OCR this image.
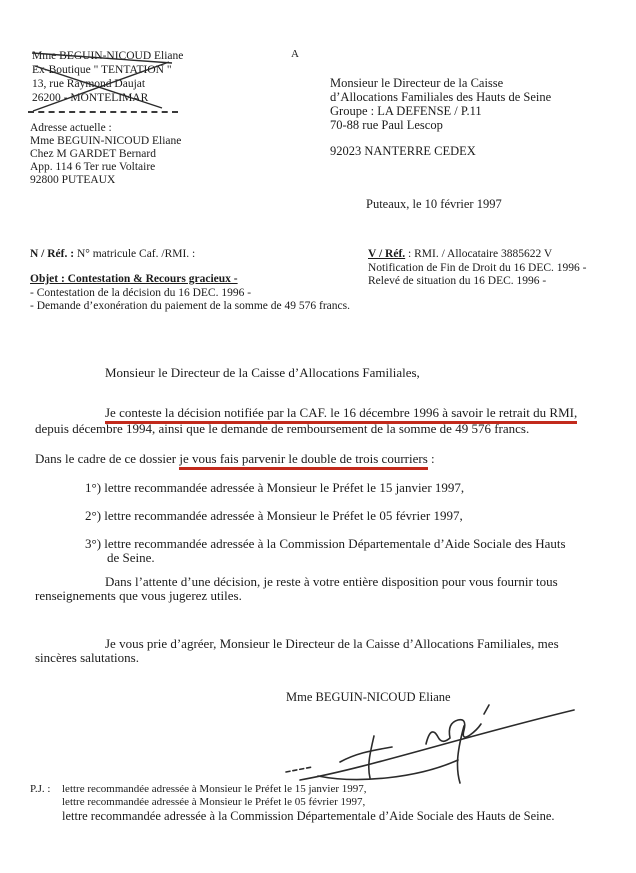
Mme BEGUIN-NICOUD Eliane
Ex-Boutique " TENTATION "
13, rue Raymond Daujat
26200 - MONTELIMAR
Adresse actuelle :
Mme BEGUIN-NICOUD Eliane
Chez M GARDET Bernard
App. 114 6 Ter rue Voltaire
92800 PUTEAUX
A
Monsieur le Directeur de la Caisse
d’Allocations Familiales des Hauts de Seine
Groupe : LA DEFENSE / P.11
70-88 rue Paul Lescop
92023 NANTERRE CEDEX
Puteaux, le 10 février 1997
N / Réf. : N° matricule Caf. /RMI. :
Objet : Contestation & Recours gracieux -
- Contestation de la décision du 16 DEC. 1996 -
- Demande d’exonération du paiement de la somme de 49 576 francs.
V / Réf. : RMI. / Allocataire 3885622 V
Notification de Fin de Droit du 16 DEC. 1996 -
Relevé de situation du 16 DEC. 1996 -
Monsieur le Directeur de la Caisse d’Allocations Familiales,
Je conteste la décision notifiée par la CAF. le 16 décembre 1996 à savoir le retrait du RMI,
depuis décembre 1994, ainsi que le demande de remboursement de la somme de 49 576 francs.
Dans le cadre de ce dossier je vous fais parvenir le double de trois courriers :
1°) lettre recommandée adressée à Monsieur le Préfet le 15 janvier 1997,
2°) lettre recommandée adressée à Monsieur le Préfet le 05 février 1997,
3°) lettre recommandée adressée à la Commission Départementale d’Aide Sociale des Hauts
de Seine.
Dans l’attente d’une décision, je reste à votre entière disposition pour vous fournir tous
renseignements que vous jugerez utiles.
Je vous prie d’agréer, Monsieur le Directeur de la Caisse d’Allocations Familiales, mes
sincères salutations.
Mme BEGUIN-NICOUD Eliane
P.J. : lettre recommandée adressée à Monsieur le Préfet le 15 janvier 1997,
lettre recommandée adressée à Monsieur le Préfet le 05 février 1997,
lettre recommandée adressée à la Commission Départementale d’Aide Sociale des Hauts de Seine.
